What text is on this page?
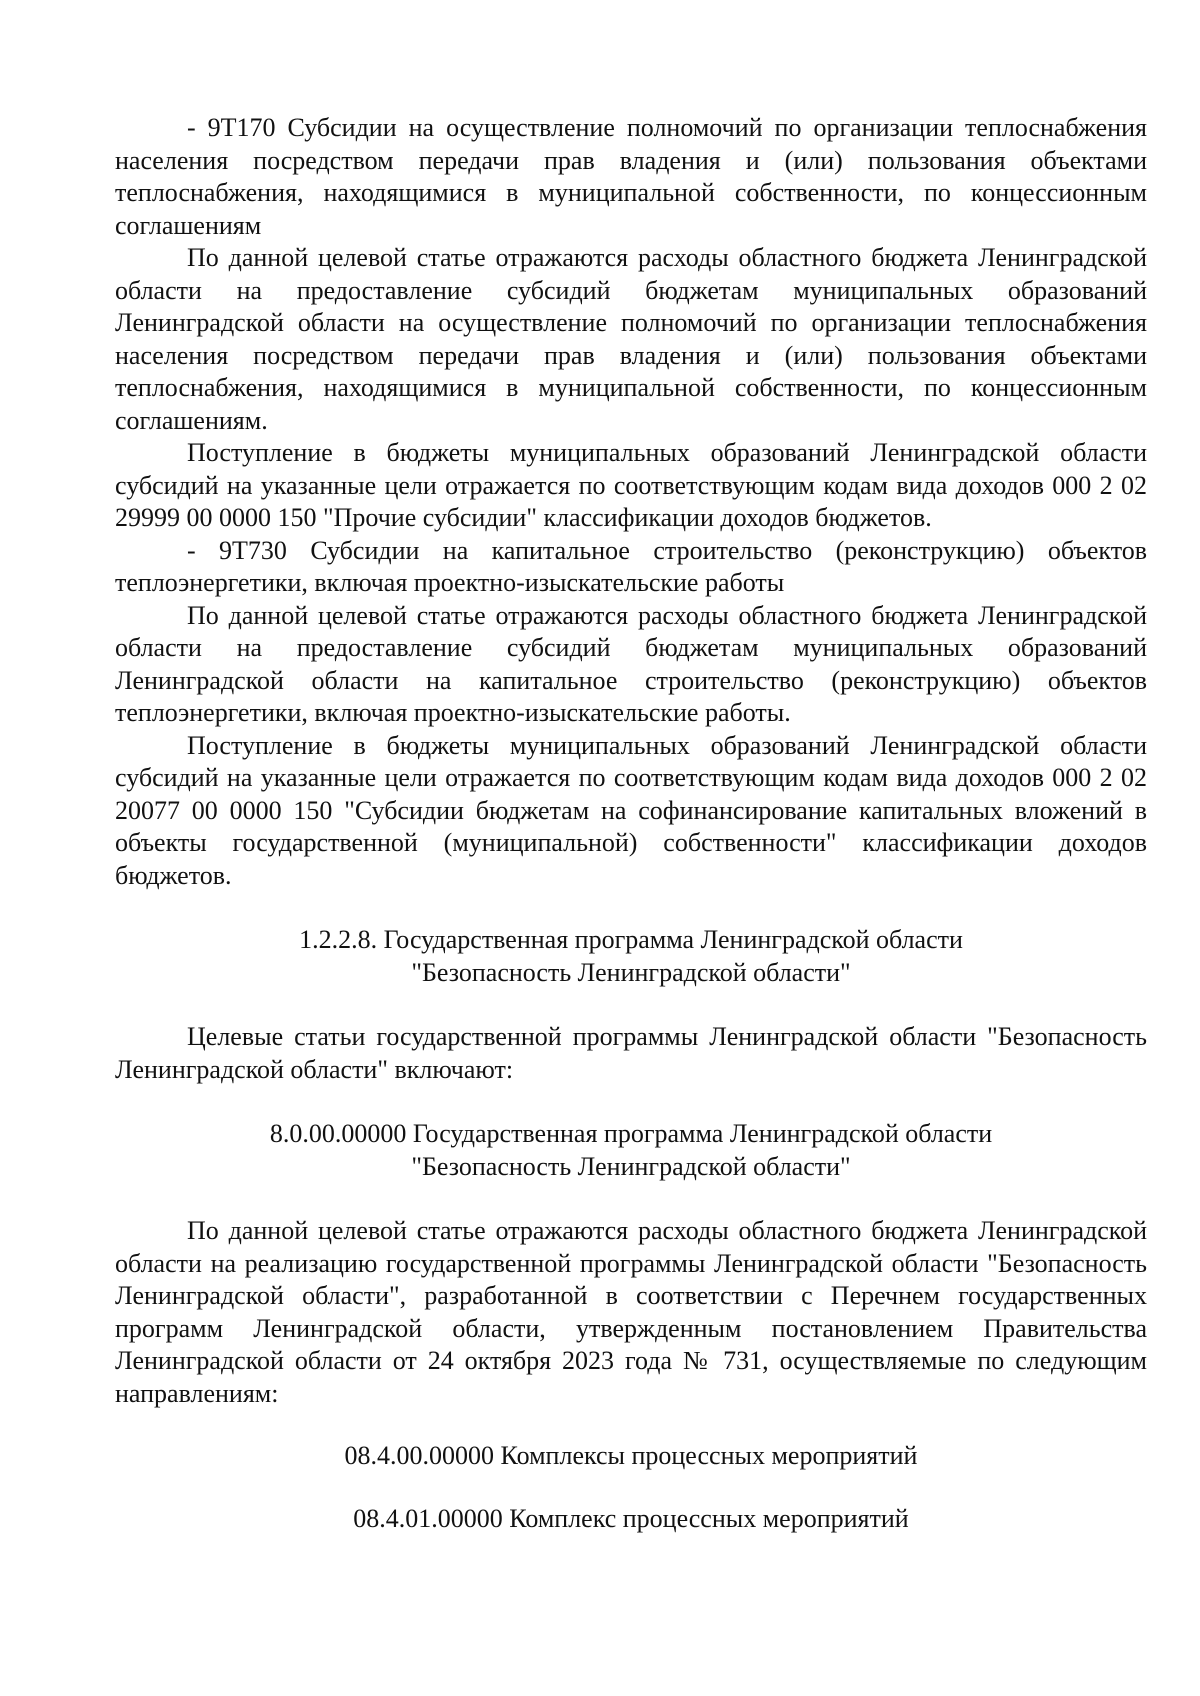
- 9Т170 Субсидии на осуществление полномочий по организации теплоснабжения населения посредством передачи прав владения и (или) пользования объектами теплоснабжения, находящимися в муниципальной собственности, по концессионным соглашениям

По данной целевой статье отражаются расходы областного бюджета Ленинградской области на предоставление субсидий бюджетам муниципальных образований Ленинградской области на осуществление полномочий по организации теплоснабжения населения посредством передачи прав владения и (или) пользования объектами теплоснабжения, находящимися в муниципальной собственности, по концессионным соглашениям.

Поступление в бюджеты муниципальных образований Ленинградской области субсидий на указанные цели отражается по соответствующим кодам вида доходов 000 2 02 29999 00 0000 150 "Прочие субсидии" классификации доходов бюджетов.

- 9Т730 Субсидии на капитальное строительство (реконструкцию) объектов теплоэнергетики, включая проектно-изыскательские работы

По данной целевой статье отражаются расходы областного бюджета Ленинградской области на предоставление субсидий бюджетам муниципальных образований Ленинградской области на капитальное строительство (реконструкцию) объектов теплоэнергетики, включая проектно-изыскательские работы.

Поступление в бюджеты муниципальных образований Ленинградской области субсидий на указанные цели отражается по соответствующим кодам вида доходов 000 2 02 20077 00 0000 150 "Субсидии бюджетам на софинансирование капитальных вложений в объекты государственной (муниципальной) собственности" классификации доходов бюджетов.

1.2.2.8. Государственная программа Ленинградской области
"Безопасность Ленинградской области"

Целевые статьи государственной программы Ленинградской области "Безопасность Ленинградской области" включают:

8.0.00.00000 Государственная программа Ленинградской области
"Безопасность Ленинградской области"

По данной целевой статье отражаются расходы областного бюджета Ленинградской области на реализацию государственной программы Ленинградской области "Безопасность Ленинградской области", разработанной в соответствии с Перечнем государственных программ Ленинградской области, утвержденным постановлением Правительства Ленинградской области от 24 октября 2023 года № 731, осуществляемые по следующим направлениям:

08.4.00.00000 Комплексы процессных мероприятий

08.4.01.00000 Комплекс процессных мероприятий
